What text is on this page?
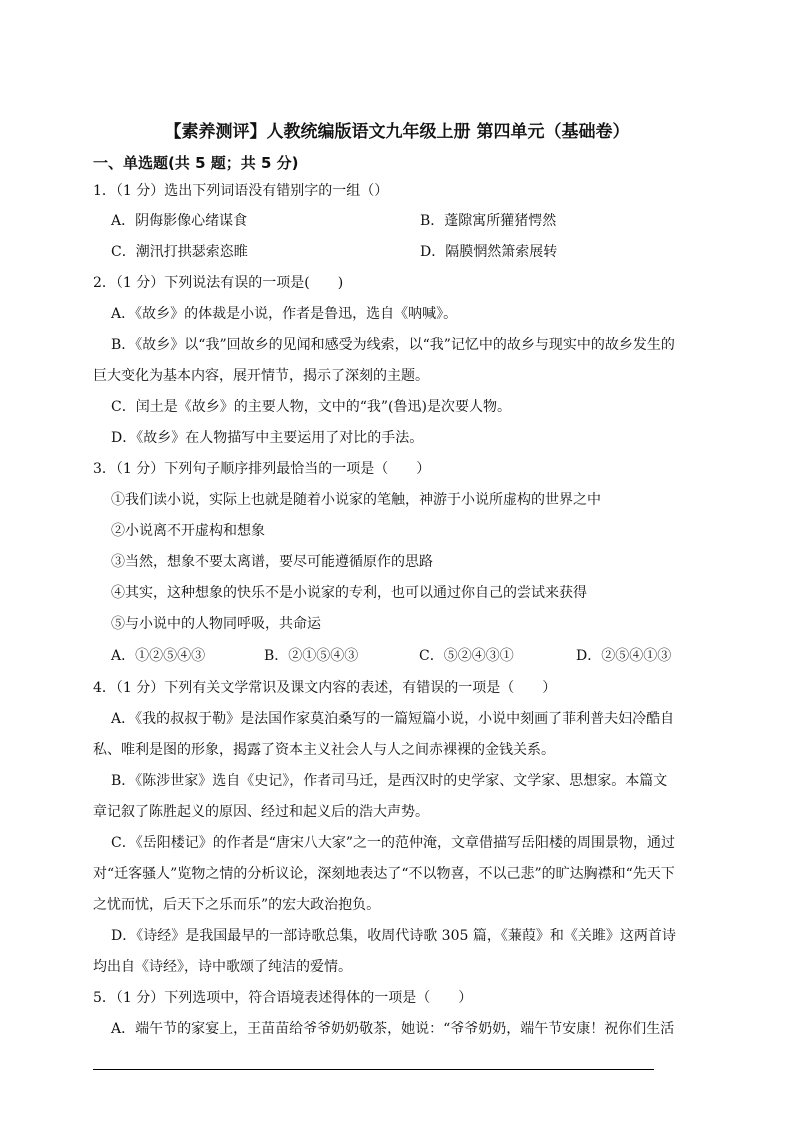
【素养测评】人教统编版语文九年级上册 第四单元（基础卷）
一、单选题(共 5 题；共 5 分)
1．（1 分）选出下列词语没有错别字的一组（）
A．阴侮影像心绪谋食	B．蓬隙寓所獾猪愕然
C．潮汛打拱瑟索恣睢	D．隔膜惘然箫索展转
2．（1 分）下列说法有误的一项是(　　)
A．《故乡》的体裁是小说，作者是鲁迅，选自《呐喊》。
B．《故乡》以“我”回故乡的见闻和感受为线索，以“我”记忆中的故乡与现实中的故乡发生的
巨大变化为基本内容，展开情节，揭示了深刻的主题。
C．闰土是《故乡》的主要人物，文中的“我”(鲁迅)是次要人物。
D．《故乡》在人物描写中主要运用了对比的手法。
3．（1 分）下列句子顺序排列最恰当的一项是（　　）
①我们读小说，实际上也就是随着小说家的笔触，神游于小说所虚构的世界之中
②小说离不开虚构和想象
③当然，想象不要太离谱，要尽可能遵循原作的思路
④其实，这种想象的快乐不是小说家的专利，也可以通过你自己的尝试来获得
⑤与小说中的人物同呼吸，共命运
A．①②⑤④③	B．②①⑤④③	C．⑤②④③①	D．②⑤④①③
4．（1 分）下列有关文学常识及课文内容的表述，有错误的一项是（　　）
A．《我的叔叔于勒》是法国作家莫泊桑写的一篇短篇小说，小说中刻画了菲利普夫妇冷酷自
私、唯利是图的形象，揭露了资本主义社会人与人之间赤裸裸的金钱关系。
B．《陈涉世家》选自《史记》，作者司马迁，是西汉时的史学家、文学家、思想家。本篇文
章记叙了陈胜起义的原因、经过和起义后的浩大声势。
C．《岳阳楼记》的作者是“唐宋八大家”之一的范仲淹，文章借描写岳阳楼的周围景物，通过
对“迁客骚人”览物之情的分析议论，深刻地表达了“不以物喜，不以己悲”的旷达胸襟和“先天下
之忧而忧，后天下之乐而乐”的宏大政治抱负。
D．《诗经》是我国最早的一部诗歌总集，收周代诗歌 305 篇，《蒹葭》和《关雎》这两首诗
均出自《诗经》，诗中歌颂了纯洁的爱情。
5．（1 分）下列选项中，符合语境表述得体的一项是（　　）
A．端午节的家宴上，王苗苗给爷爷奶奶敬茶，她说：“爷爷奶奶，端午节安康！祝你们生活
